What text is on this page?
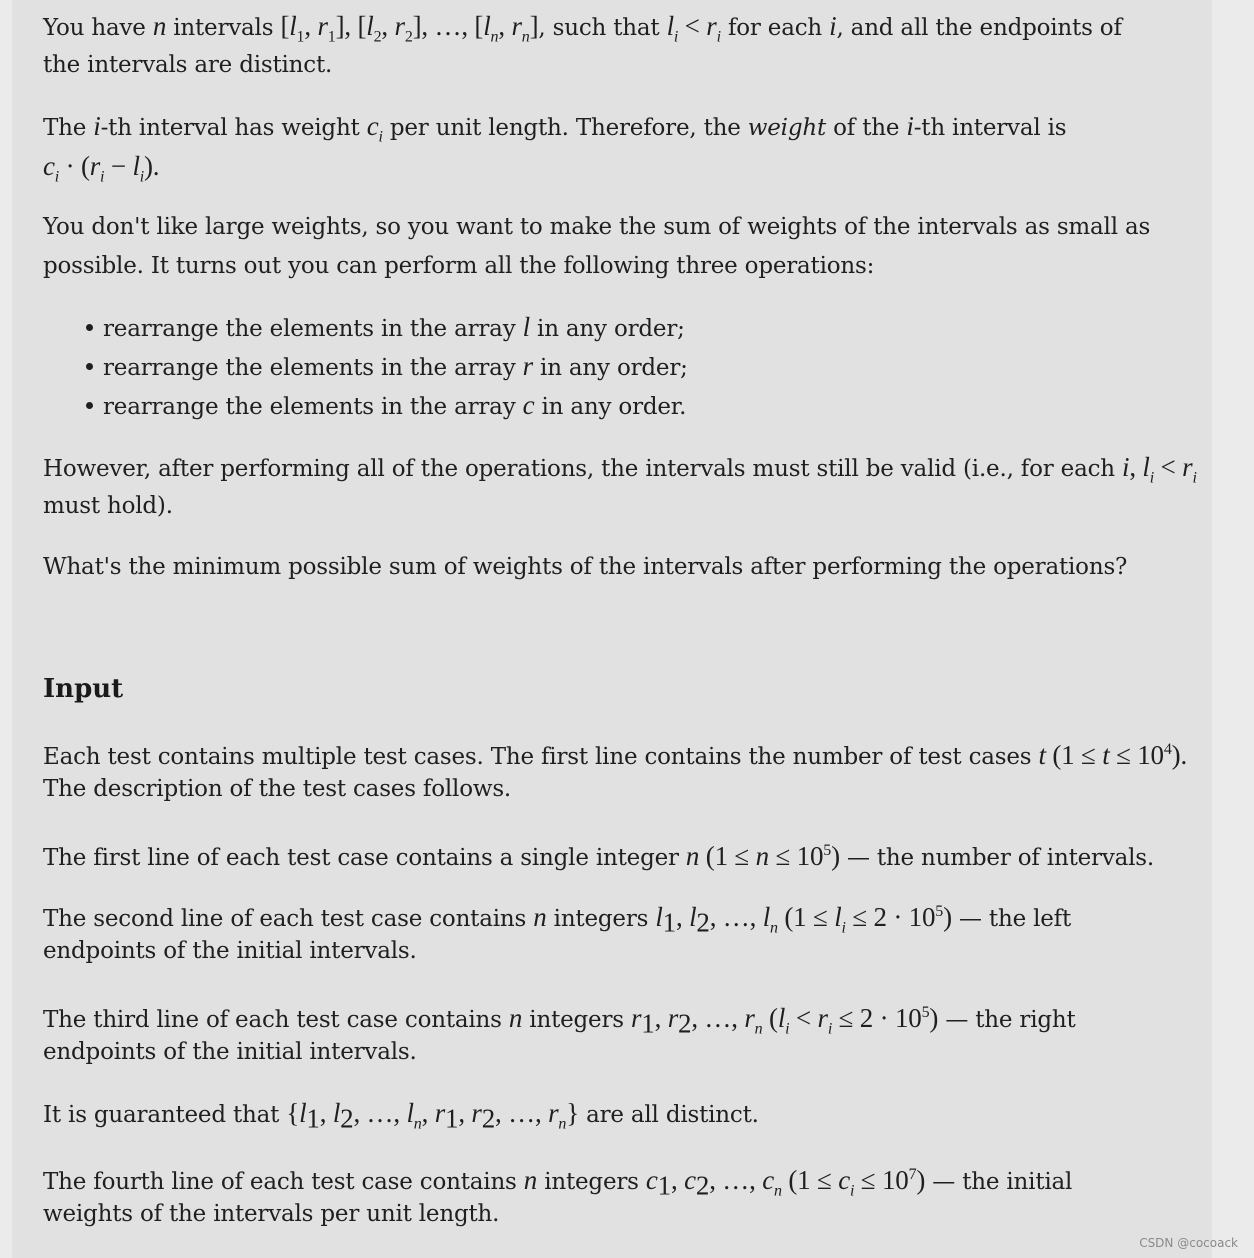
You have n intervals [$l_1$, $r_1$], [$l_2$, $r_2$], …, [$l_n$, $r_n$], such that $l_i < r_i$ for each i, and all the endpoints of
the intervals are distinct.
The i-th interval has weight $c_i$ per unit length. Therefore, the weight of the i-th interval is
$c_i \cdot (r_i - l_i)$.
You don't like large weights, so you want to make the sum of weights of the intervals as small as
possible. It turns out you can perform all the following three operations:
rearrange the elements in the array l in any order;
rearrange the elements in the array r in any order;
rearrange the elements in the array c in any order.
However, after performing all of the operations, the intervals must still be valid (i.e., for each i, $l_i < r_i$
must hold).
What's the minimum possible sum of weights of the intervals after performing the operations?
Input
Each test contains multiple test cases. The first line contains the number of test cases t $(1 \le t \le 10^4)$.
The description of the test cases follows.
The first line of each test case contains a single integer n $(1 \le n \le 10^5)$ — the number of intervals.
The second line of each test case contains n integers $l_1$, $l_2$, …, $l_n$ $(1 \le l_i \le 2 \cdot 10^5)$ — the left
endpoints of the initial intervals.
The third line of each test case contains n integers $r_1$, $r_2$, …, $r_n$ $(l_i < r_i \le 2 \cdot 10^5)$ — the right
endpoints of the initial intervals.
It is guaranteed that {$l_1$, $l_2$, …, $l_n$, $r_1$, $r_2$, …, $r_n$} are all distinct.
The fourth line of each test case contains n integers $c_1$, $c_2$, …, $c_n$ $(1 \le c_i \le 10^7)$ — the initial
weights of the intervals per unit length.
CSDN @cocoack
